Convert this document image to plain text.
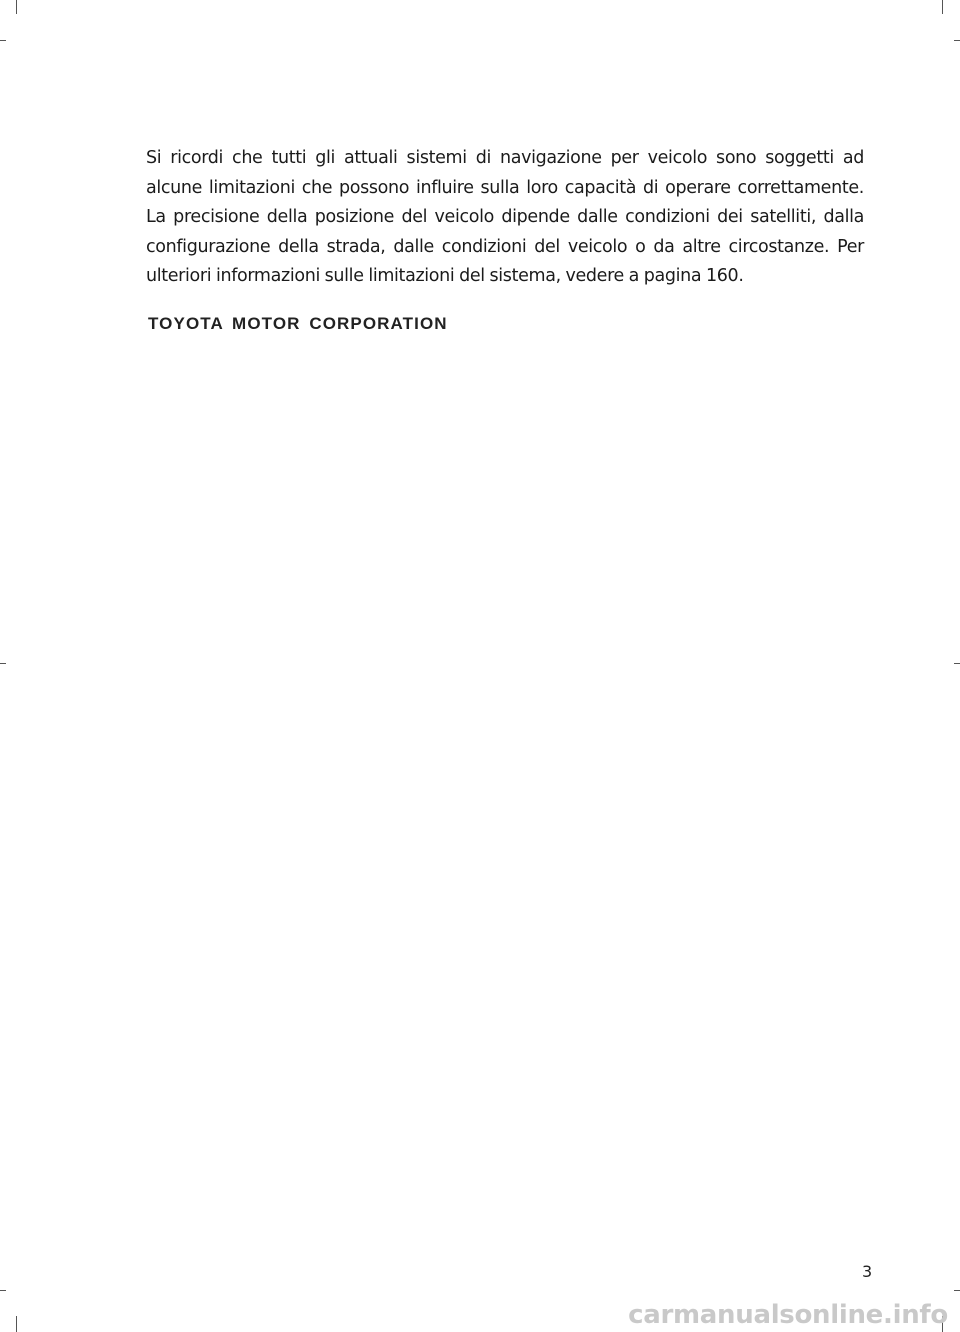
Si ricordi che tutti gli attuali sistemi di navigazione per veicolo sono soggetti ad alcune limitazioni che possono influire sulla loro capacità di operare correttamente. La precisione della posizione del veicolo dipende dalle condizioni dei satelliti, dalla configurazione della strada, dalle condizioni del veicolo o da altre circostanze. Per ulteriori informazioni sulle limitazioni del sistema, vedere a pagina 160.

TOYOTA MOTOR CORPORATION

3
carmanualsonline.info
